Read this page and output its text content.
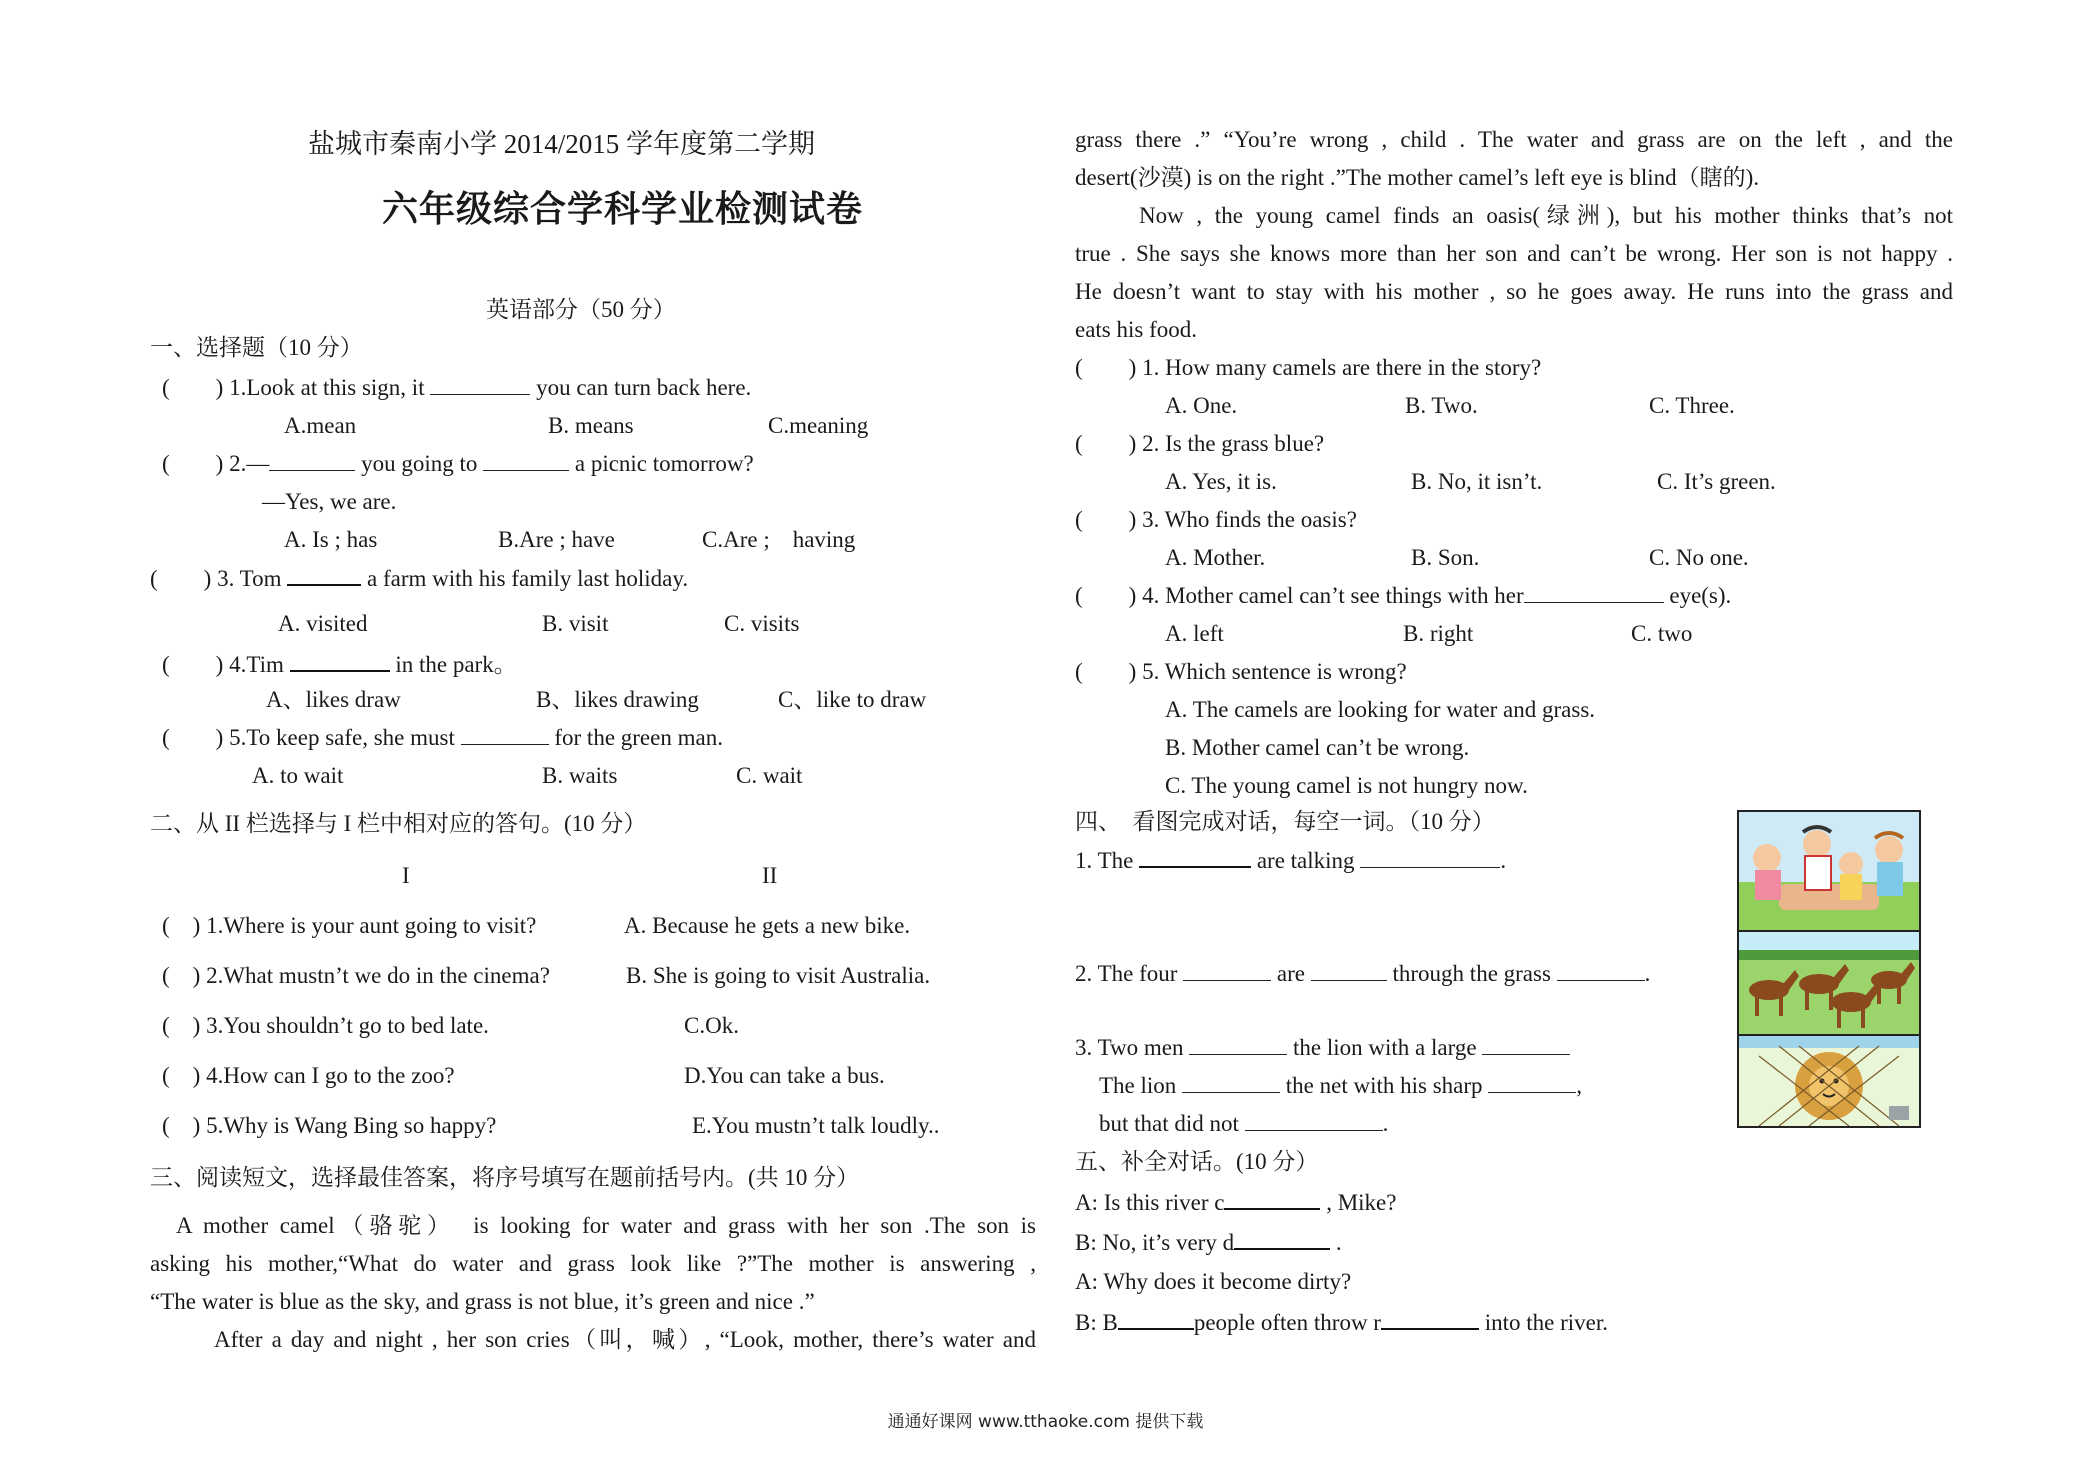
盐城市秦南小学 2014/2015 学年度第二学期
六年级综合学科学业检测试卷
英语部分（50 分）
一、选择题（10 分）
(　　) 1.Look at this sign, it	you can turn back here.
A.mean	B. means	C.meaning
(　　) 2.—	you going to	a picnic tomorrow?
—Yes, we are.
A. Is ; has	B.Are ; have	C.Are ;　having
(　　) 3. Tom	a farm with his family last holiday.
A. visited	B. visit	C. visits
(　　) 4.Tim	in the park。
A、likes draw	B、likes drawing	C、like to draw
(　　) 5.To keep safe, she must	for the green man.
A. to wait	B. waits	C. wait
二、从 II 栏选择与 I 栏中相对应的答句。(10 分）
I	II
(　) 1.Where is your aunt going to visit?	A. Because he gets a new bike.
(　) 2.What mustn’t we do in the cinema?	B. She is going to visit Australia.
(　) 3.You shouldn’t go to bed late.	C.Ok.
(　) 4.How can I go to the zoo?	D.You can take a bus.
(　) 5.Why is Wang Bing so happy?	E.You mustn’t talk loudly..
三、阅读短文，选择最佳答案，将序号填写在题前括号内。(共 10 分）
A mother camel（骆驼）　is looking for water and grass with her son .The son is
asking his mother,“What do water and grass look like ?”The mother is answering ,
“The water is blue as the sky, and grass is not blue, it’s green and nice .”
After a day and night , her son cries（叫，喊）, “Look, mother, there’s water and
grass there .” “You’re wrong , child . The water and grass are on the left , and the
desert(沙漠) is on the right .”The mother camel’s left eye is blind（瞎的).
Now , the young camel finds an oasis(绿洲), but his mother thinks that’s not
true . She says she knows more than her son and can’t be wrong. Her son is not happy .
He doesn’t want to stay with his mother , so he goes away. He runs into the grass and
eats his food.
(　　) 1. How many camels are there in the story?
A. One.	B. Two.	C. Three.
(　　) 2. Is the grass blue?
A. Yes, it is.	B. No, it isn’t.	C. It’s green.
(　　) 3. Who finds the oasis?
A. Mother.	B. Son.	C. No one.
(　　) 4. Mother camel can’t see things with her	eye(s).
A. left	B. right	C. two
(　　) 5. Which sentence is wrong?
A. The camels are looking for water and grass.
B. Mother camel can’t be wrong.
C. The young camel is not hungry now.
四、　看图完成对话，每空一词。（10 分）
1. The	are talking	.
2. The four	are	through the grass	.
3. Two men	the lion with a large
The lion	the net with his sharp	,
but that did not	.
五、补全对话。(10 分）
A: Is this river c	, Mike?
B: No, it’s very d	.
A: Why does it become dirty?
B: B	people often throw r	into the river.
通通好课网 www.tthaoke.com 提供下载
